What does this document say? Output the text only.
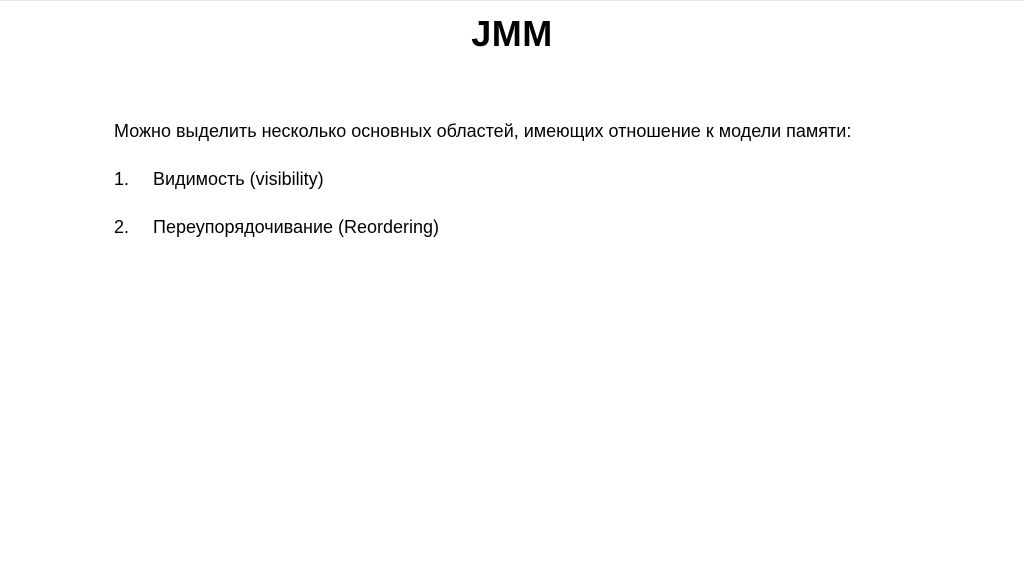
JMM
Можно выделить несколько основных областей, имеющих отношение к модели памяти:
1.	Видимость (visibility)
2.	Переупорядочивание (Reordering)
